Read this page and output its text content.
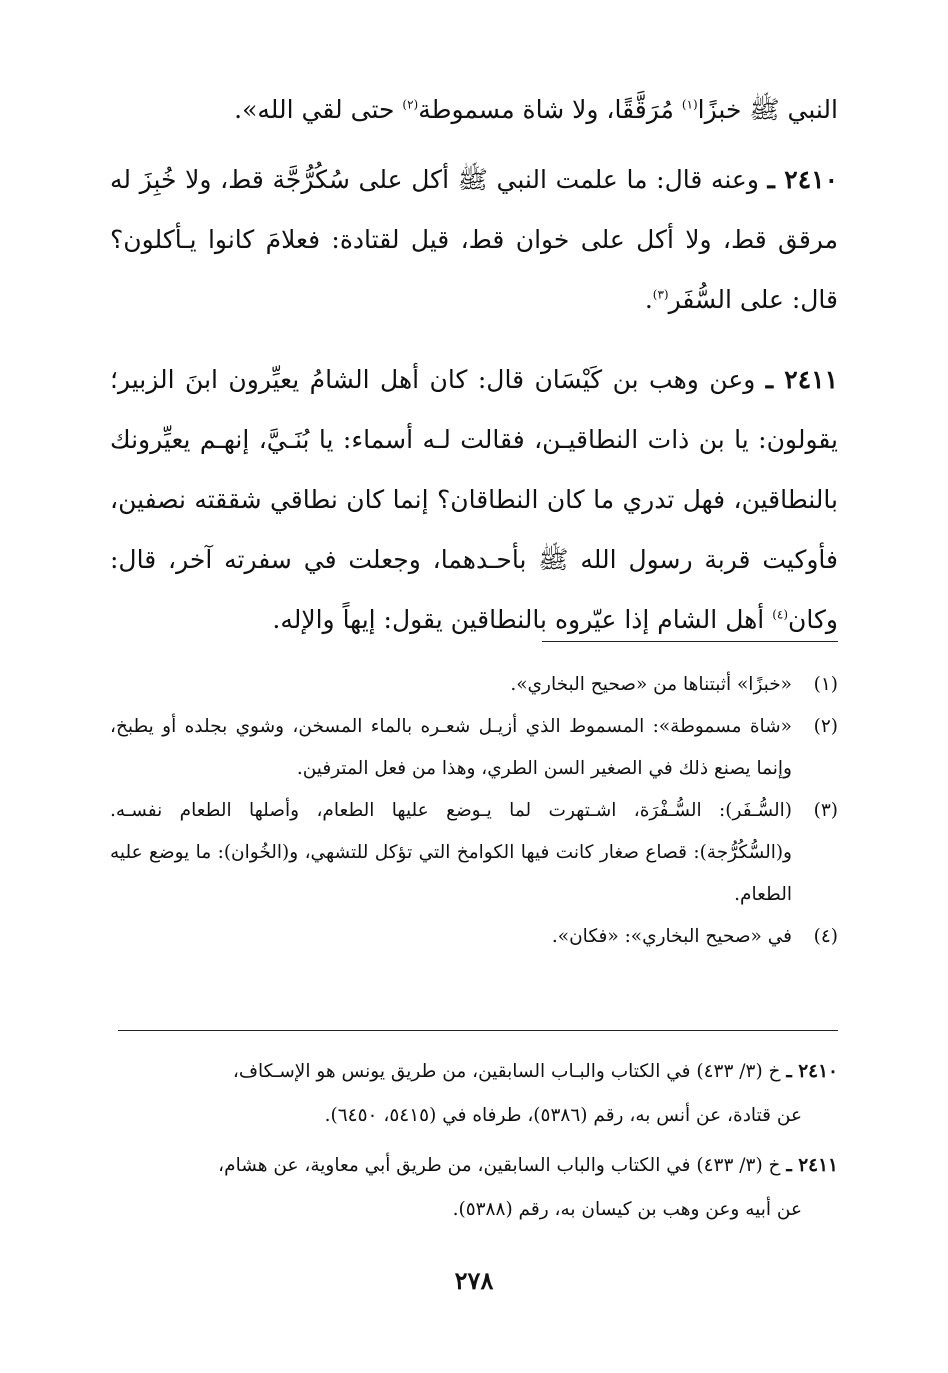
النبي ﷺ خبزًا$^{(١)}$ مُرَقَّقًا، ولا شاة مسموطة$^{(٢)}$ حتى لقي الله».

٢٤١٠ ـ وعنه قال: ما علمت النبي ﷺ أكل على سُكُرُّجَّة قط، ولا خُبِزَ له مرقق قط، ولا أكل على خوان قط، قيل لقتادة: فعلامَ كانوا يـأكلون؟ قال: على السُّفَر$^{(٣)}$.

٢٤١١ ـ وعن وهب بن كَيْسَان قال: كان أهل الشامُ يعيِّرون ابنَ الزبير؛ يقولون: يا بن ذات النطاقيـن، فقالت لـه أسماء: يا بُنَـيَّ، إنهـم يعيِّرونك بالنطاقين، فهل تدري ما كان النطاقان؟ إنما كان نطاقي شققته نصفين، فأوكيت قربة رسول الله ﷺ بأحـدهما، وجعلت في سفرته آخر، قال: وكان$^{(٤)}$ أهل الشام إذا عيّروه بالنطاقين يقول: إيهاً والإله.

(١)
«خبزًا» أثبتناها من «صحيح البخاري».
(٢)
«شاة مسموطة»: المسموط الذي أزيـل شعـره بالماء المسخن، وشوي بجلده أو يطبخ، وإنما يصنع ذلك في الصغير السن الطري، وهذا من فعل المترفين.
(٣)
(السُّـفَر): السُّـفْرَة، اشـتهرت لما يـوضع عليها الطعام، وأصلها الطعام نفسـه. و(السُّكُرُّجة): قصاع صغار كانت فيها الكوامخ التي تؤكل للتشهي، و(الخُوان): ما يوضع عليه الطعام.
(٤)
في «صحيح البخاري»: «فكان».

٢٤١٠ ـ خ (٣/ ٤٣٣) في الكتاب والبـاب السابقين، من طريق يونس هو الإسـكاف،
عن قتادة، عن أنس به، رقم (٥٣٨٦)، طرفاه في (٥٤١٥، ٦٤٥٠).

٢٤١١ ـ خ (٣/ ٤٣٣) في الكتاب والباب السابقين، من طريق أبي معاوية، عن هشام،
عن أبيه وعن وهب بن كيسان به، رقم (٥٣٨٨).

٢٧٨
